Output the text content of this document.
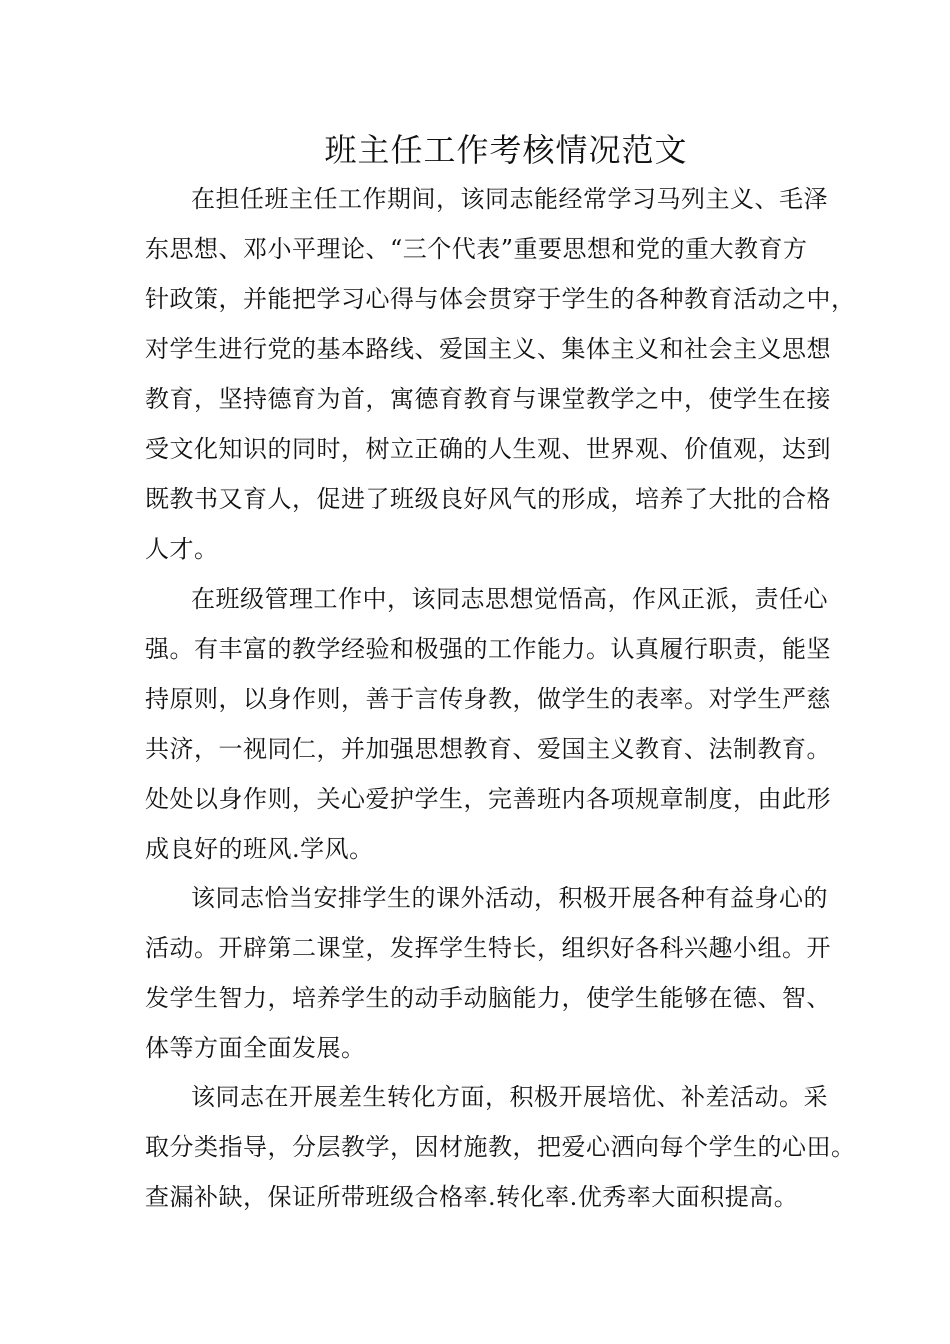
班主任工作考核情况范文
在担任班主任工作期间，该同志能经常学习马列主义、毛泽
东思想、邓小平理论、“三个代表”重要思想和党的重大教育方
针政策，并能把学习心得与体会贯穿于学生的各种教育活动之中，
对学生进行党的基本路线、爱国主义、集体主义和社会主义思想
教育，坚持德育为首，寓德育教育与课堂教学之中，使学生在接
受文化知识的同时，树立正确的人生观、世界观、价值观，达到
既教书又育人，促进了班级良好风气的形成，培养了大批的合格
人才。
在班级管理工作中，该同志思想觉悟高，作风正派，责任心
强。有丰富的教学经验和极强的工作能力。认真履行职责，能坚
持原则，以身作则，善于言传身教，做学生的表率。对学生严慈
共济，一视同仁，并加强思想教育、爱国主义教育、法制教育。
处处以身作则，关心爱护学生，完善班内各项规章制度，由此形
成良好的班风.学风。
该同志恰当安排学生的课外活动，积极开展各种有益身心的
活动。开辟第二课堂，发挥学生特长，组织好各科兴趣小组。开
发学生智力，培养学生的动手动脑能力，使学生能够在德、智、
体等方面全面发展。
该同志在开展差生转化方面，积极开展培优、补差活动。采
取分类指导，分层教学，因材施教，把爱心洒向每个学生的心田。
查漏补缺，保证所带班级合格率.转化率.优秀率大面积提高。
